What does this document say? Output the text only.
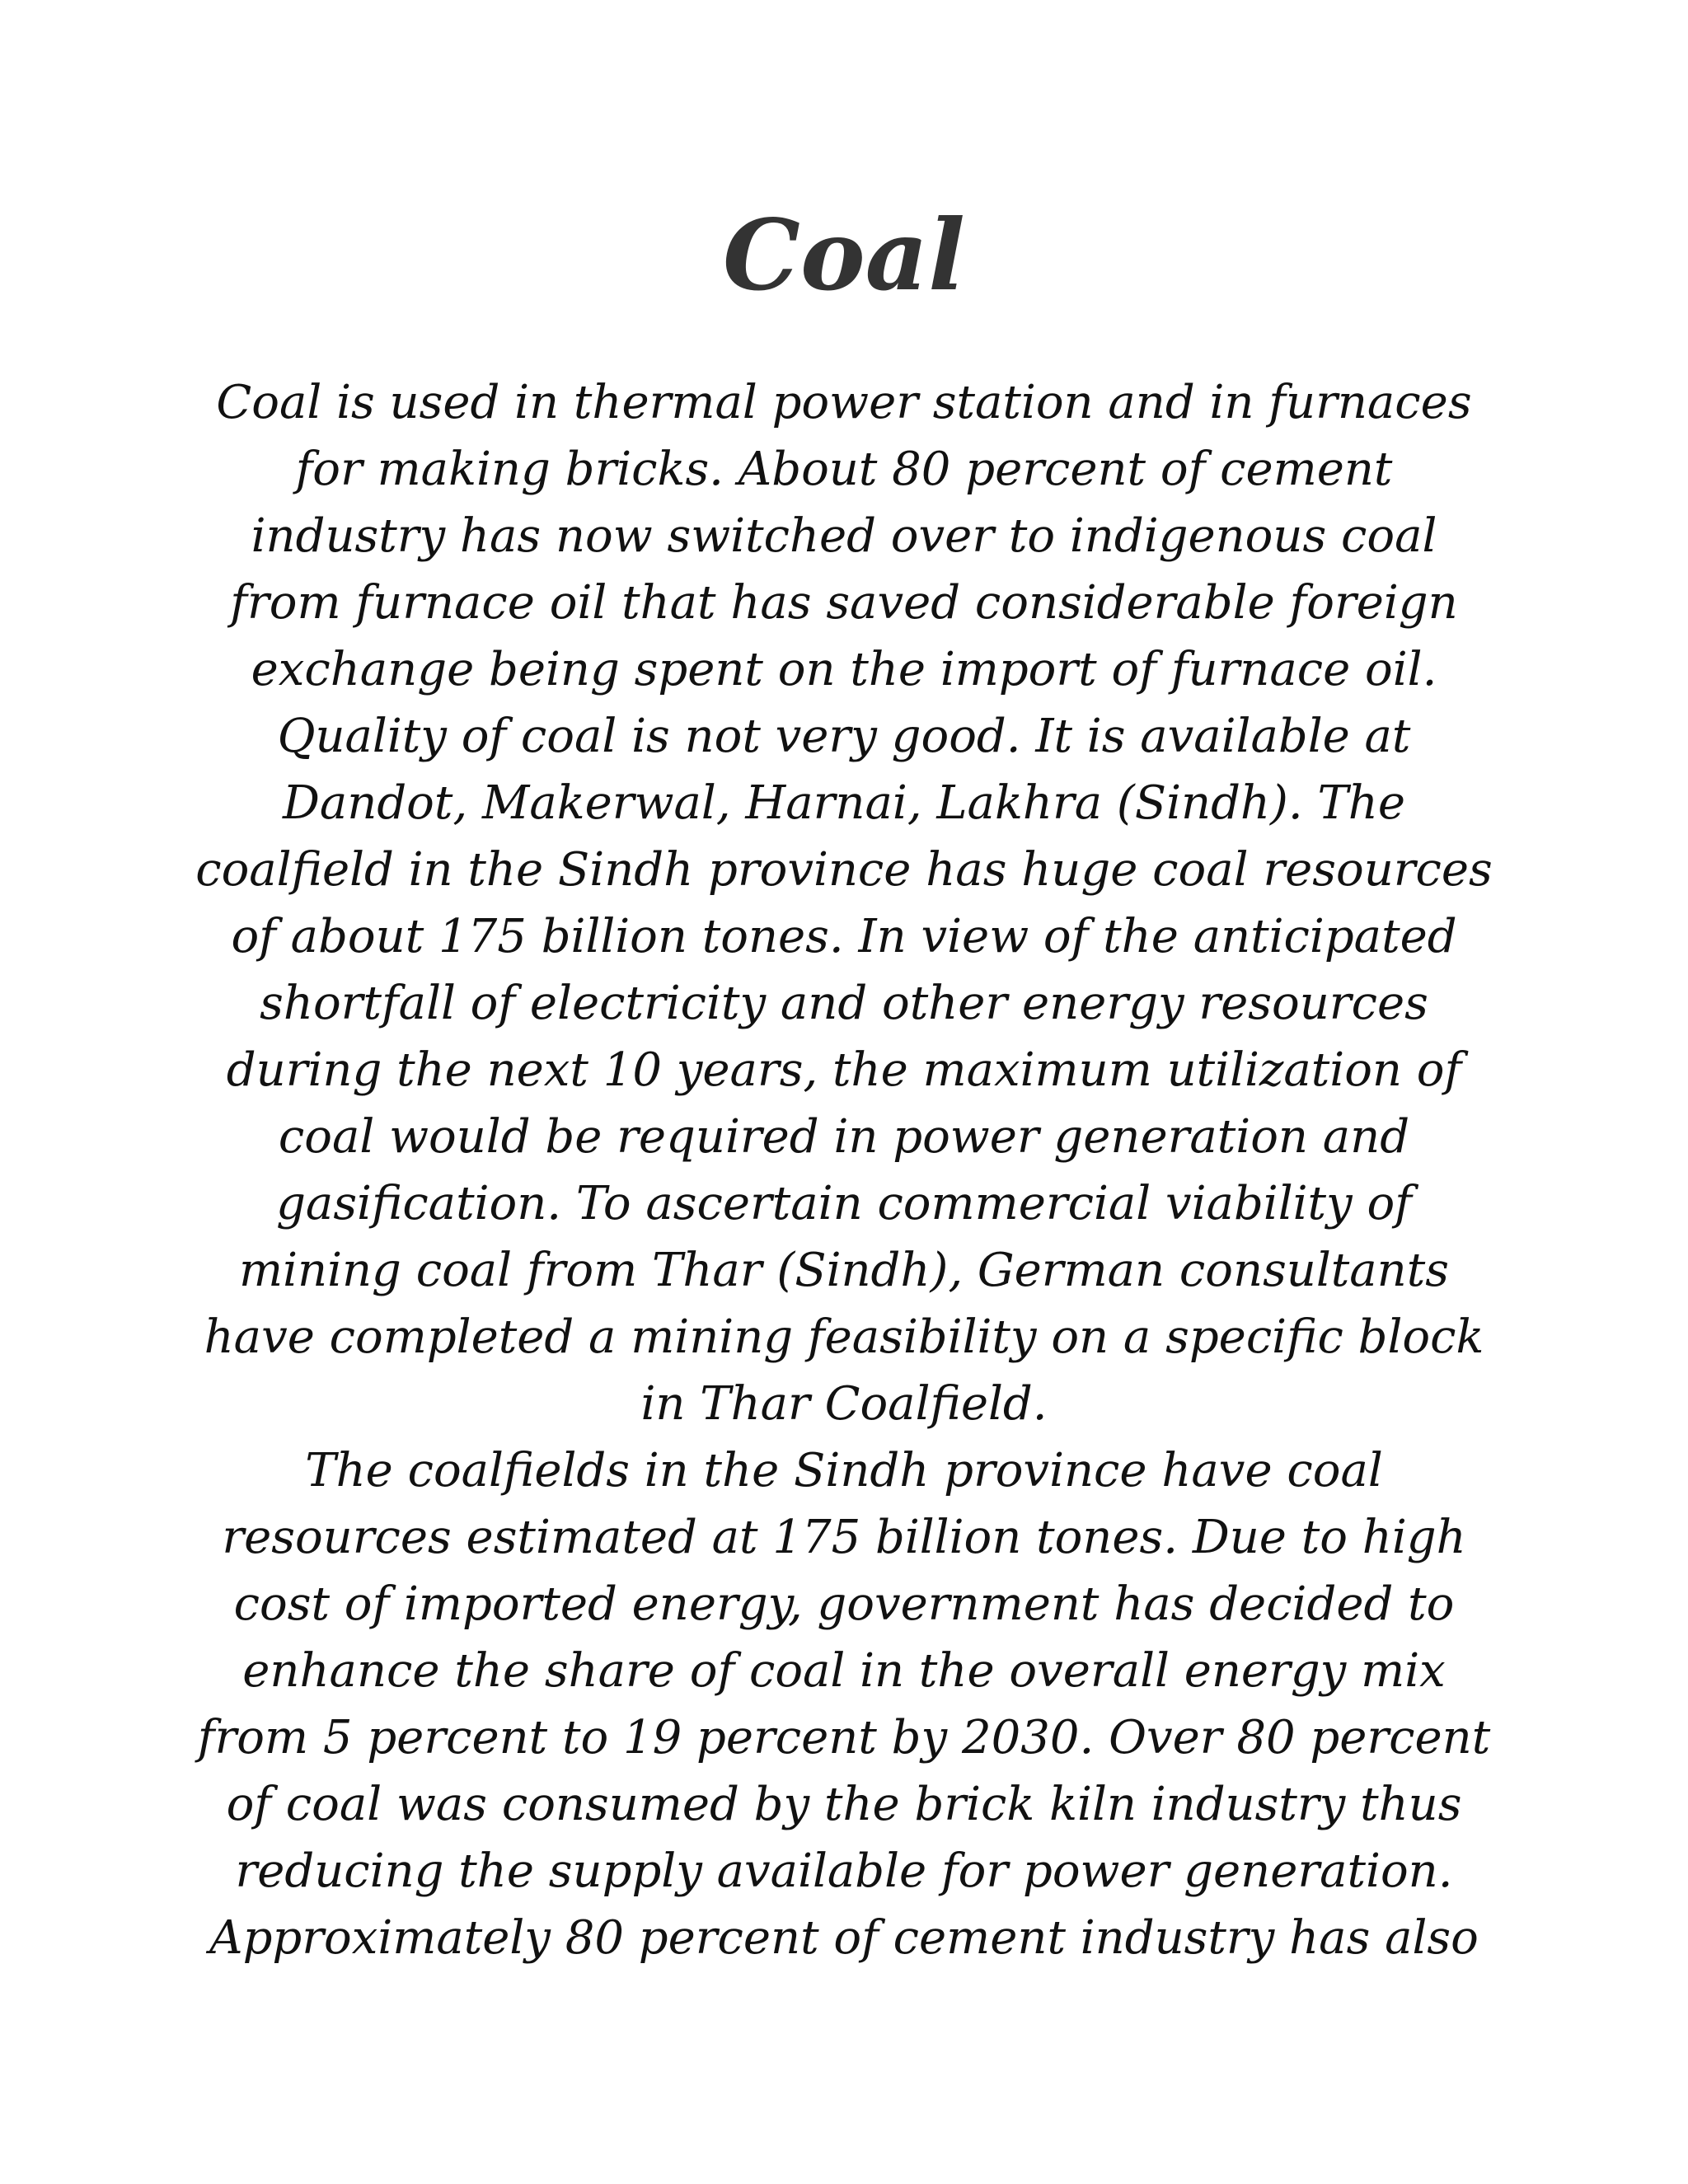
Coal
Coal is used in thermal power station and in furnaces
for making bricks. About 80 percent of cement
industry has now switched over to indigenous coal
from furnace oil that has saved considerable foreign
exchange being spent on the import of furnace oil.
Quality of coal is not very good. It is available at
Dandot, Makerwal, Harnai, Lakhra (Sindh). The
coalfield in the Sindh province has huge coal resources
of about 175 billion tones. In view of the anticipated
shortfall of electricity and other energy resources
during the next 10 years, the maximum utilization of
coal would be required in power generation and
gasification. To ascertain commercial viability of
mining coal from Thar (Sindh), German consultants
have completed a mining feasibility on a specific block
in Thar Coalfield.
The coalfields in the Sindh province have coal
resources estimated at 175 billion tones. Due to high
cost of imported energy, government has decided to
enhance the share of coal in the overall energy mix
from 5 percent to 19 percent by 2030. Over 80 percent
of coal was consumed by the brick kiln industry thus
reducing the supply available for power generation.
Approximately 80 percent of cement industry has also
